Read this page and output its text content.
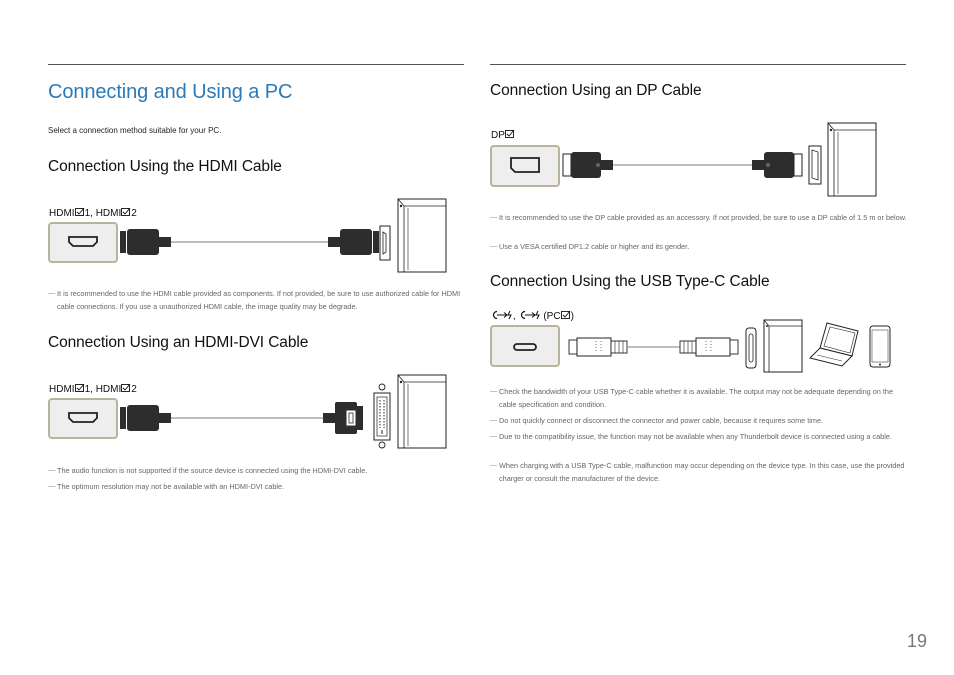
Connecting and Using a PC
Select a connection method suitable for your PC.
Connection Using the HDMI Cable
HDMI 1, HDMI 2
― It is recommended to use the HDMI cable provided as components. If not provided, be sure to use authorized cable for HDMI cable connections. If you use a unauthorized HDMI cable, the image quality may be degrade.
Connection Using an HDMI-DVI Cable
HDMI 1, HDMI 2
― The audio function is not supported if the source device is connected using the HDMI-DVI cable.
― The optimum resolution may not be available with an HDMI-DVI cable.
Connection Using an DP Cable
DP
― It is recommended to use the DP cable provided as an accessory. If not provided, be sure to use a DP cable of 1.5 m or below.
― Use a VESA certified DP1.2 cable or higher and its gender.
Connection Using the USB Type-C Cable
,  (PC )
― Check the bandwidth of your USB Type-C cable whether it is available. The output may not be adequate depending on the cable specification and condition.
― Do not quickly connect or disconnect the connector and power cable, because it requires some time.
― Due to the compatibility issue, the function may not be available when any Thunderbolt device is connected using a cable.
― When charging with a USB Type-C cable, malfunction may occur depending on the device type. In this case, use the provided charger or consult the manufacturer of the device.
19
